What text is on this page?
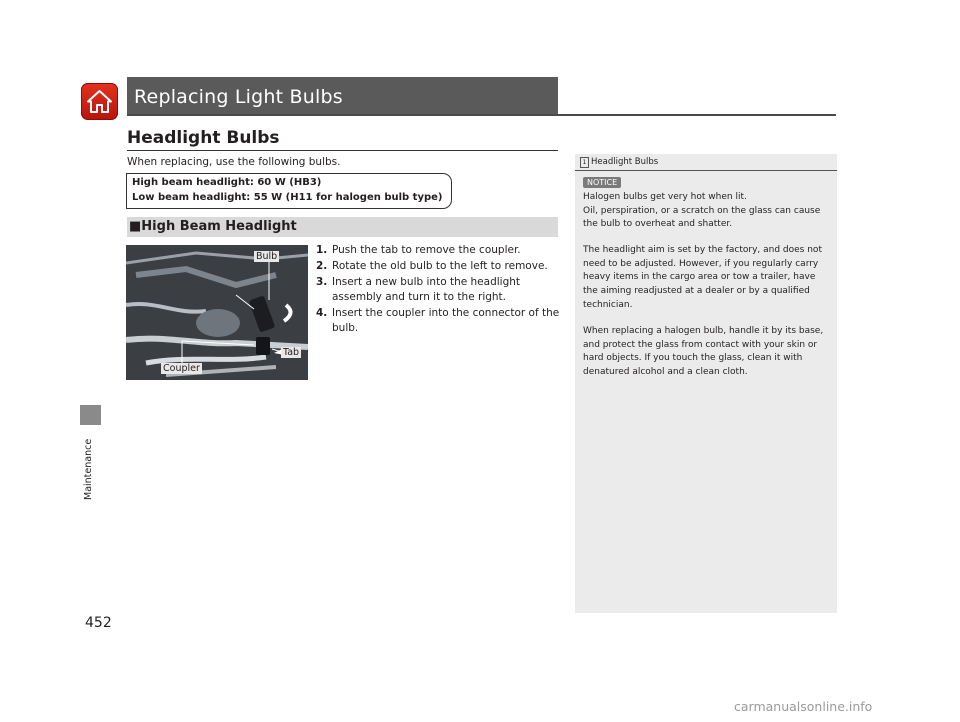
Replacing Light Bulbs
Maintenance
452
Headlight Bulbs
When replacing, use the following bulbs.
High beam headlight: 60 W (HB3)
Low beam headlight: 55 W (H11 for halogen bulb type)
■High Beam Headlight
Bulb
Tab
Coupler
1. Push the tab to remove the coupler.
2. Rotate the old bulb to the left to remove.
3. Insert a new bulb into the headlight
assembly and turn it to the right.
4. Insert the coupler into the connector of the
bulb.
1 Headlight Bulbs
NOTICE
Halogen bulbs get very hot when lit.
Oil, perspiration, or a scratch on the glass can cause
the bulb to overheat and shatter.
The headlight aim is set by the factory, and does not
need to be adjusted. However, if you regularly carry
heavy items in the cargo area or tow a trailer, have
the aiming readjusted at a dealer or by a qualified
technician.
When replacing a halogen bulb, handle it by its base,
and protect the glass from contact with your skin or
hard objects. If you touch the glass, clean it with
denatured alcohol and a clean cloth.
carmanualsonline.info
